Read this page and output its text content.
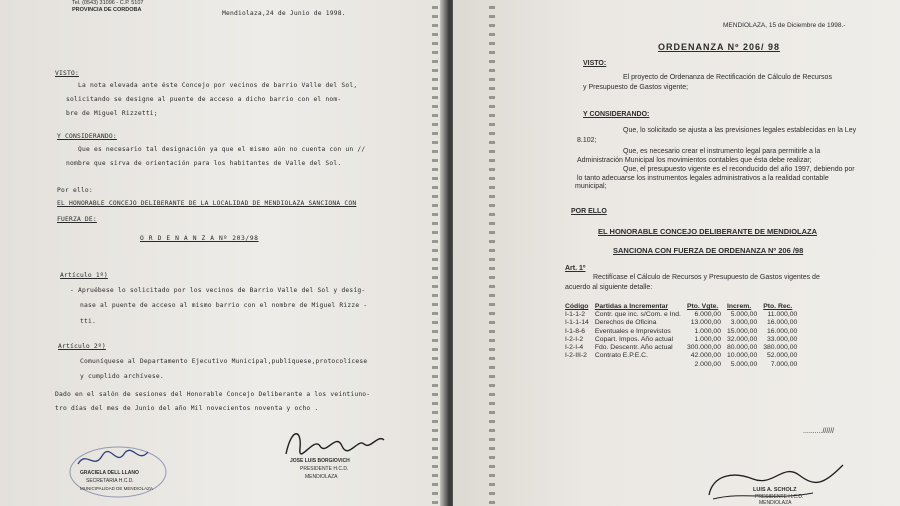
Tel. (0543) 31096 - C.P. 5107
PROVINCIA DE CORDOBA	Mendiolaza,24 de Junio de 1998.
VISTO:
La nota elevada ante éste Concejo por vecinos de barrio Valle del Sol,
solicitando se designe al puente de acceso a dicho barrio con el nom-
bre de Miguel Rizzetti;
Y CONSIDERANDO:
Que es necesario tal designación ya que el mismo aún no cuenta con un //
nombre que sirva de orientación para los habitantes de Valle del Sol.
Por ello:
EL HONORABLE CONCEJO DELIBERANTE DE LA LOCALIDAD DE MENDIOLAZA SANCIONA CON
FUERZA DE:
O R D E N A N Z A Nº 203/98
Artículo 1º)
- Apruébese lo solicitado por los vecinos de Barrio Valle del Sol y desíg-
nase al puente de acceso al mismo barrio con el nombre de Miguel Rizze -
tti.
Artículo 2º)
Comuníquese al Departamento Ejecutivo Municipal,publíquese,protocolícese
y cumplido archívese.
Dado en el salón de sesiones del Honorable Concejo Deliberante a los veintiuno-
tro días del mes de Junio del año Mil novecientos noventa y ocho .
GRACIELA DELL LLANO
SECRETARIA H.C.D.
MUNICIPALIDAD DE MENDIOLAZA
JOSE LUIS BORGIOVICH
PRESIDENTE H.C.D.
MENDIOLAZA
MENDIOLAZA, 15 de Diciembre de 1998.-
ORDENANZA Nº 206/ 98
VISTO:
El proyecto de Ordenanza de Rectificación de Cálculo de Recursos
y Presupuesto de Gastos vigente;
Y CONSIDERANDO:
Que, lo solicitado se ajusta a las previsiones legales establecidas en la Ley
8.102;
Que, es necesario crear el instrumento legal para permitirle a la
Administración Municipal los movimientos contables que ésta debe realizar;
Que, el presupuesto vigente es el reconducido del año 1997, debiendo por
lo tanto adecuarse los instrumentos legales administrativos a la realidad contable
municipal;
POR ELLO
EL HONORABLE CONCEJO DELIBERANTE DE MENDIOLAZA
SANCIONA CON FUERZA DE ORDENANZA Nº 206 /98
Art. 1º
Rectifícase el Cálculo de Recursos y Presupuesto de Gastos vigentes de
acuerdo al siguiente detalle:
Código	Partidas a Incrementar	Pto. Vgte.	Increm.	Pto. Rec.
I-1-1-2	Contr. que inc. s/Com. e Ind.	6.000,00	5.000,00	11.000,00
I-1-1-14	Derechos de Oficina	13.000,00	3.000,00	16.000,00
I-1-8-6	Eventuales e Imprevistos	1.000,00	15.000,00	16.000,00
I-2-I-2	Copart. Impos. Año actual	1.000,00	32.000,00	33.000,00
I-2-I-4	Fdo. Descentr. Año actual	300.000,00	80.000,00	380.000,00
I-2-III-2	Contrato E.P.E.C.	42.000,00	10.000,00	52.000,00
		2.000,00	5.000,00	7.000,00
..........//////
LUIS A. SCHOLZ
PRESIDENTE H.C.D.
MENDIOLAZA
